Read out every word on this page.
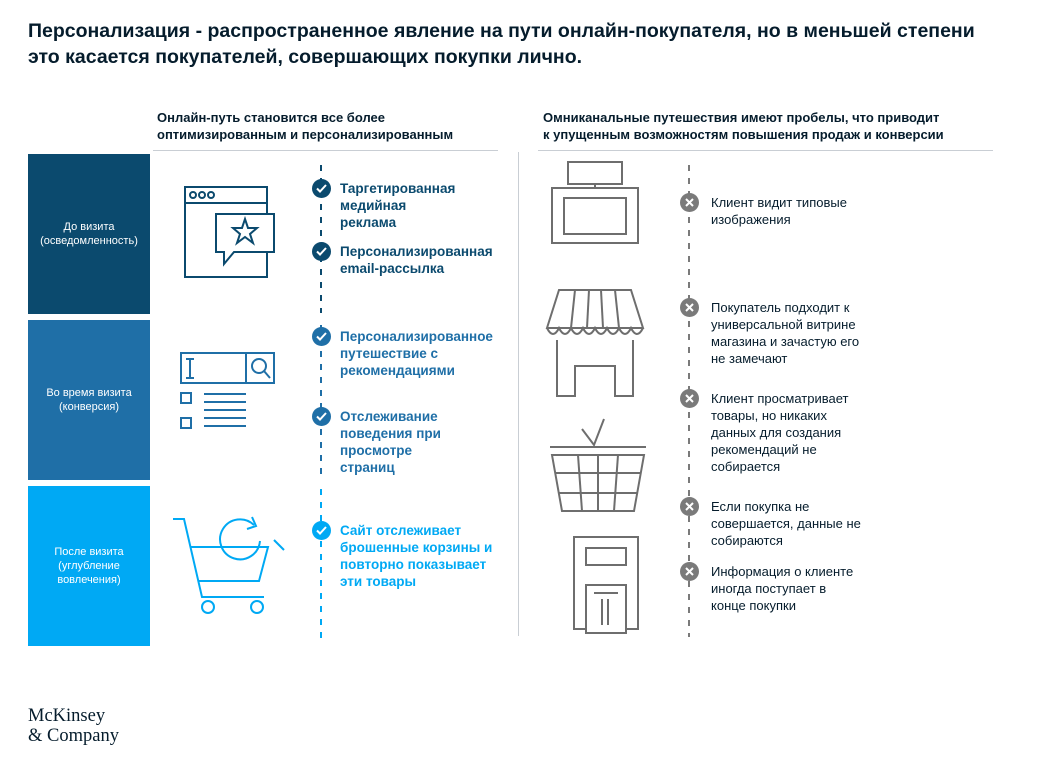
Персонализация - распространенное явление на пути онлайн-покупателя, но в меньшей степени это касается покупателей, совершающих покупки лично.
Онлайн-путь становится все более
оптимизированным и персонализированным
Омниканальные путешествия имеют пробелы, что приводит
к упущенным возможностям повышения продаж и конверсии
До визита
(осведомленность)
Во время визита
(конверсия)
После визита
(углубление
вовлечения)
Таргетированная
медийная
реклама
Персонализированная
email-рассылка
Персонализированное
путешествие с
рекомендациями
Отслеживание
поведения при
просмотре
страниц
Сайт отслеживает
брошенные корзины и
повторно показывает
эти товары
Клиент видит типовые
изображения
Покупатель подходит к
универсальной витрине
магазина и зачастую его
не замечают
Клиент просматривает
товары, но никаких
данных для создания
рекомендаций не
собирается
Если покупка не
совершается, данные не
собираются
Информация о клиенте
иногда поступает в
конце покупки
McKinsey
& Company
